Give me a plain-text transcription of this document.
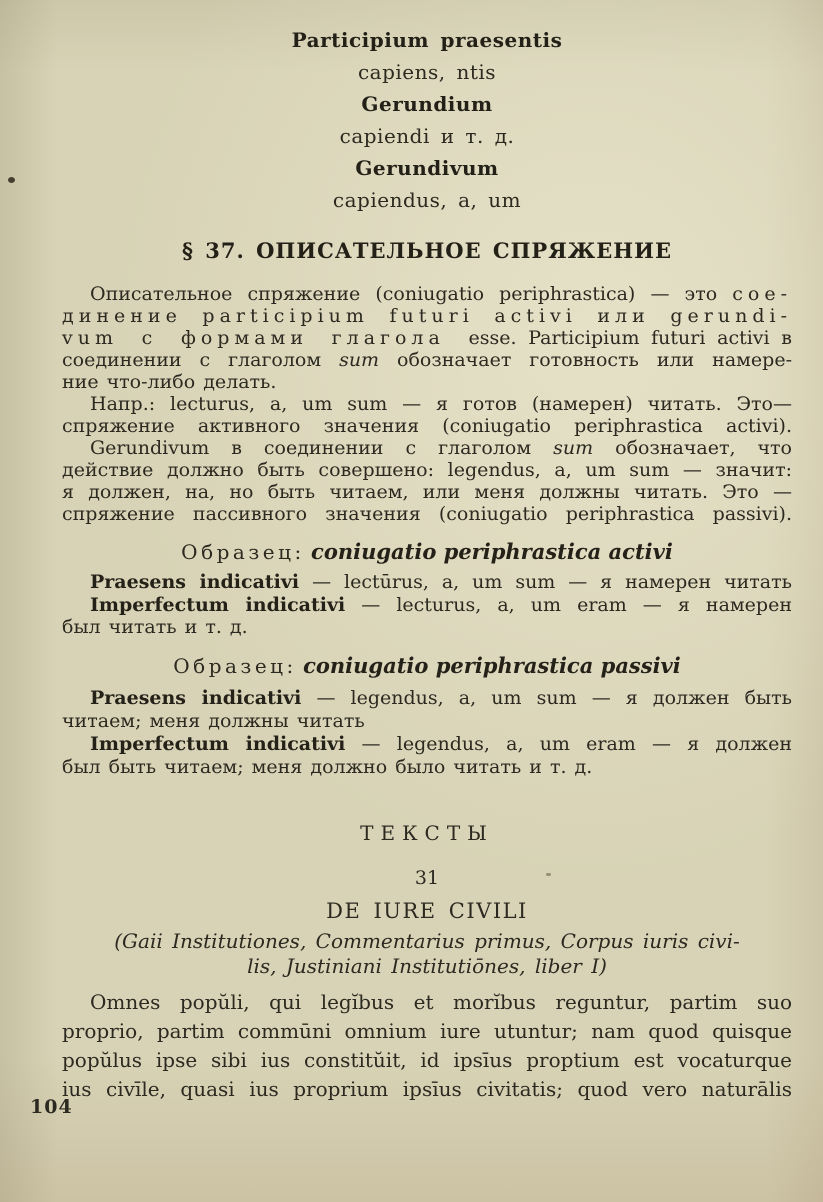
Participium praesentis
capiens, ntis
Gerundium
capiendi и т. д.
Gerundivum
capiendus, a, um
§ 37. ОПИСАТЕЛЬНОЕ СПРЯЖЕНИЕ
Описательное спряжение (coniugatio periphrastica) — это сое-
динение participium futuri activi или gerundi-
vum с формами глагола esse. Participium futuri activi в
соединении с глаголом sum обозначает готовность или намере-
ние что-либо делать.
Напр.: lecturus, a, um sum — я готов (намерен) читать. Это—
спряжение активного значения (coniugatio periphrastica activi).
Gerundivum в соединении с глаголом sum обозначает, что
действие должно быть совершено: legendus, a, um sum — значит:
я должен, на, но быть читаем, или меня должны читать. Это —
спряжение пассивного значения (coniugatio periphrastica passivi).
Образец: coniugatio periphrastica activi
Praesens indicativi — lectūrus, a, um sum — я намерен читать
Imperfectum indicativi — lecturus, a, um eram — я намерен
был читать и т. д.
Образец: coniugatio periphrastica passivi
Praesens indicativi — legendus, a, um sum — я должен быть
читаем; меня должны читать
Imperfectum indicativi — legendus, a, um eram — я должен
был быть читаем; меня должно было читать и т. д.
ТЕКСТЫ
31
DE IURE CIVILI
(Gaii Institutiones, Commentarius primus, Corpus iuris civi-
lis, Justiniani Institutiōnes, liber I)
Omnes popŭli, qui legĭbus et morĭbus reguntur, partim suo
proprio, partim commūni omnium iure utuntur; nam quod quisque
popŭlus ipse sibi ius constitŭit, id ipsīus proptium est vocaturque
ius civīle, quasi ius proprium ipsīus civitatis; quod vero naturālis
104
